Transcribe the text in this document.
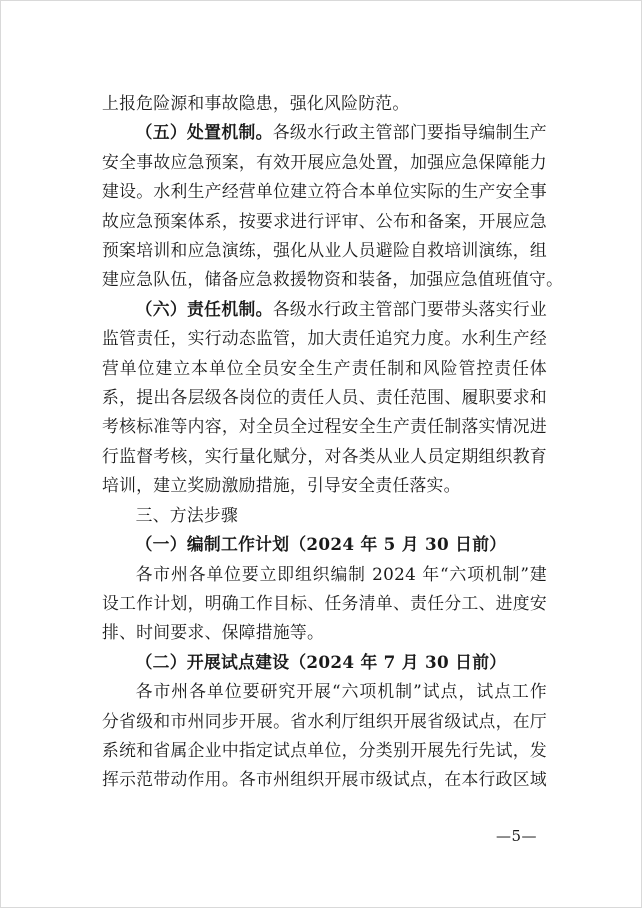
上报危险源和事故隐患，强化风险防范。

（五）处置机制。各级水行政主管部门要指导编制生产

安全事故应急预案，有效开展应急处置，加强应急保障能力

建设。水利生产经营单位建立符合本单位实际的生产安全事

故应急预案体系，按要求进行评审、公布和备案，开展应急

预案培训和应急演练，强化从业人员避险自救培训演练，组

建应急队伍，储备应急救援物资和装备，加强应急值班值守。

（六）责任机制。各级水行政主管部门要带头落实行业

监管责任，实行动态监管，加大责任追究力度。水利生产经

营单位建立本单位全员安全生产责任制和风险管控责任体

系，提出各层级各岗位的责任人员、责任范围、履职要求和

考核标准等内容，对全员全过程安全生产责任制落实情况进

行监督考核，实行量化赋分，对各类从业人员定期组织教育

培训，建立奖励激励措施，引导安全责任落实。

三、方法步骤

（一）编制工作计划（2024 年 5 月 30 日前）

各市州各单位要立即组织编制 2024 年“六项机制”建

设工作计划，明确工作目标、任务清单、责任分工、进度安

排、时间要求、保障措施等。

（二）开展试点建设（2024 年 7 月 30 日前）

各市州各单位要研究开展“六项机制”试点，试点工作

分省级和市州同步开展。省水利厅组织开展省级试点，在厅

系统和省属企业中指定试点单位，分类别开展先行先试，发

挥示范带动作用。各市州组织开展市级试点，在本行政区域

—5—
